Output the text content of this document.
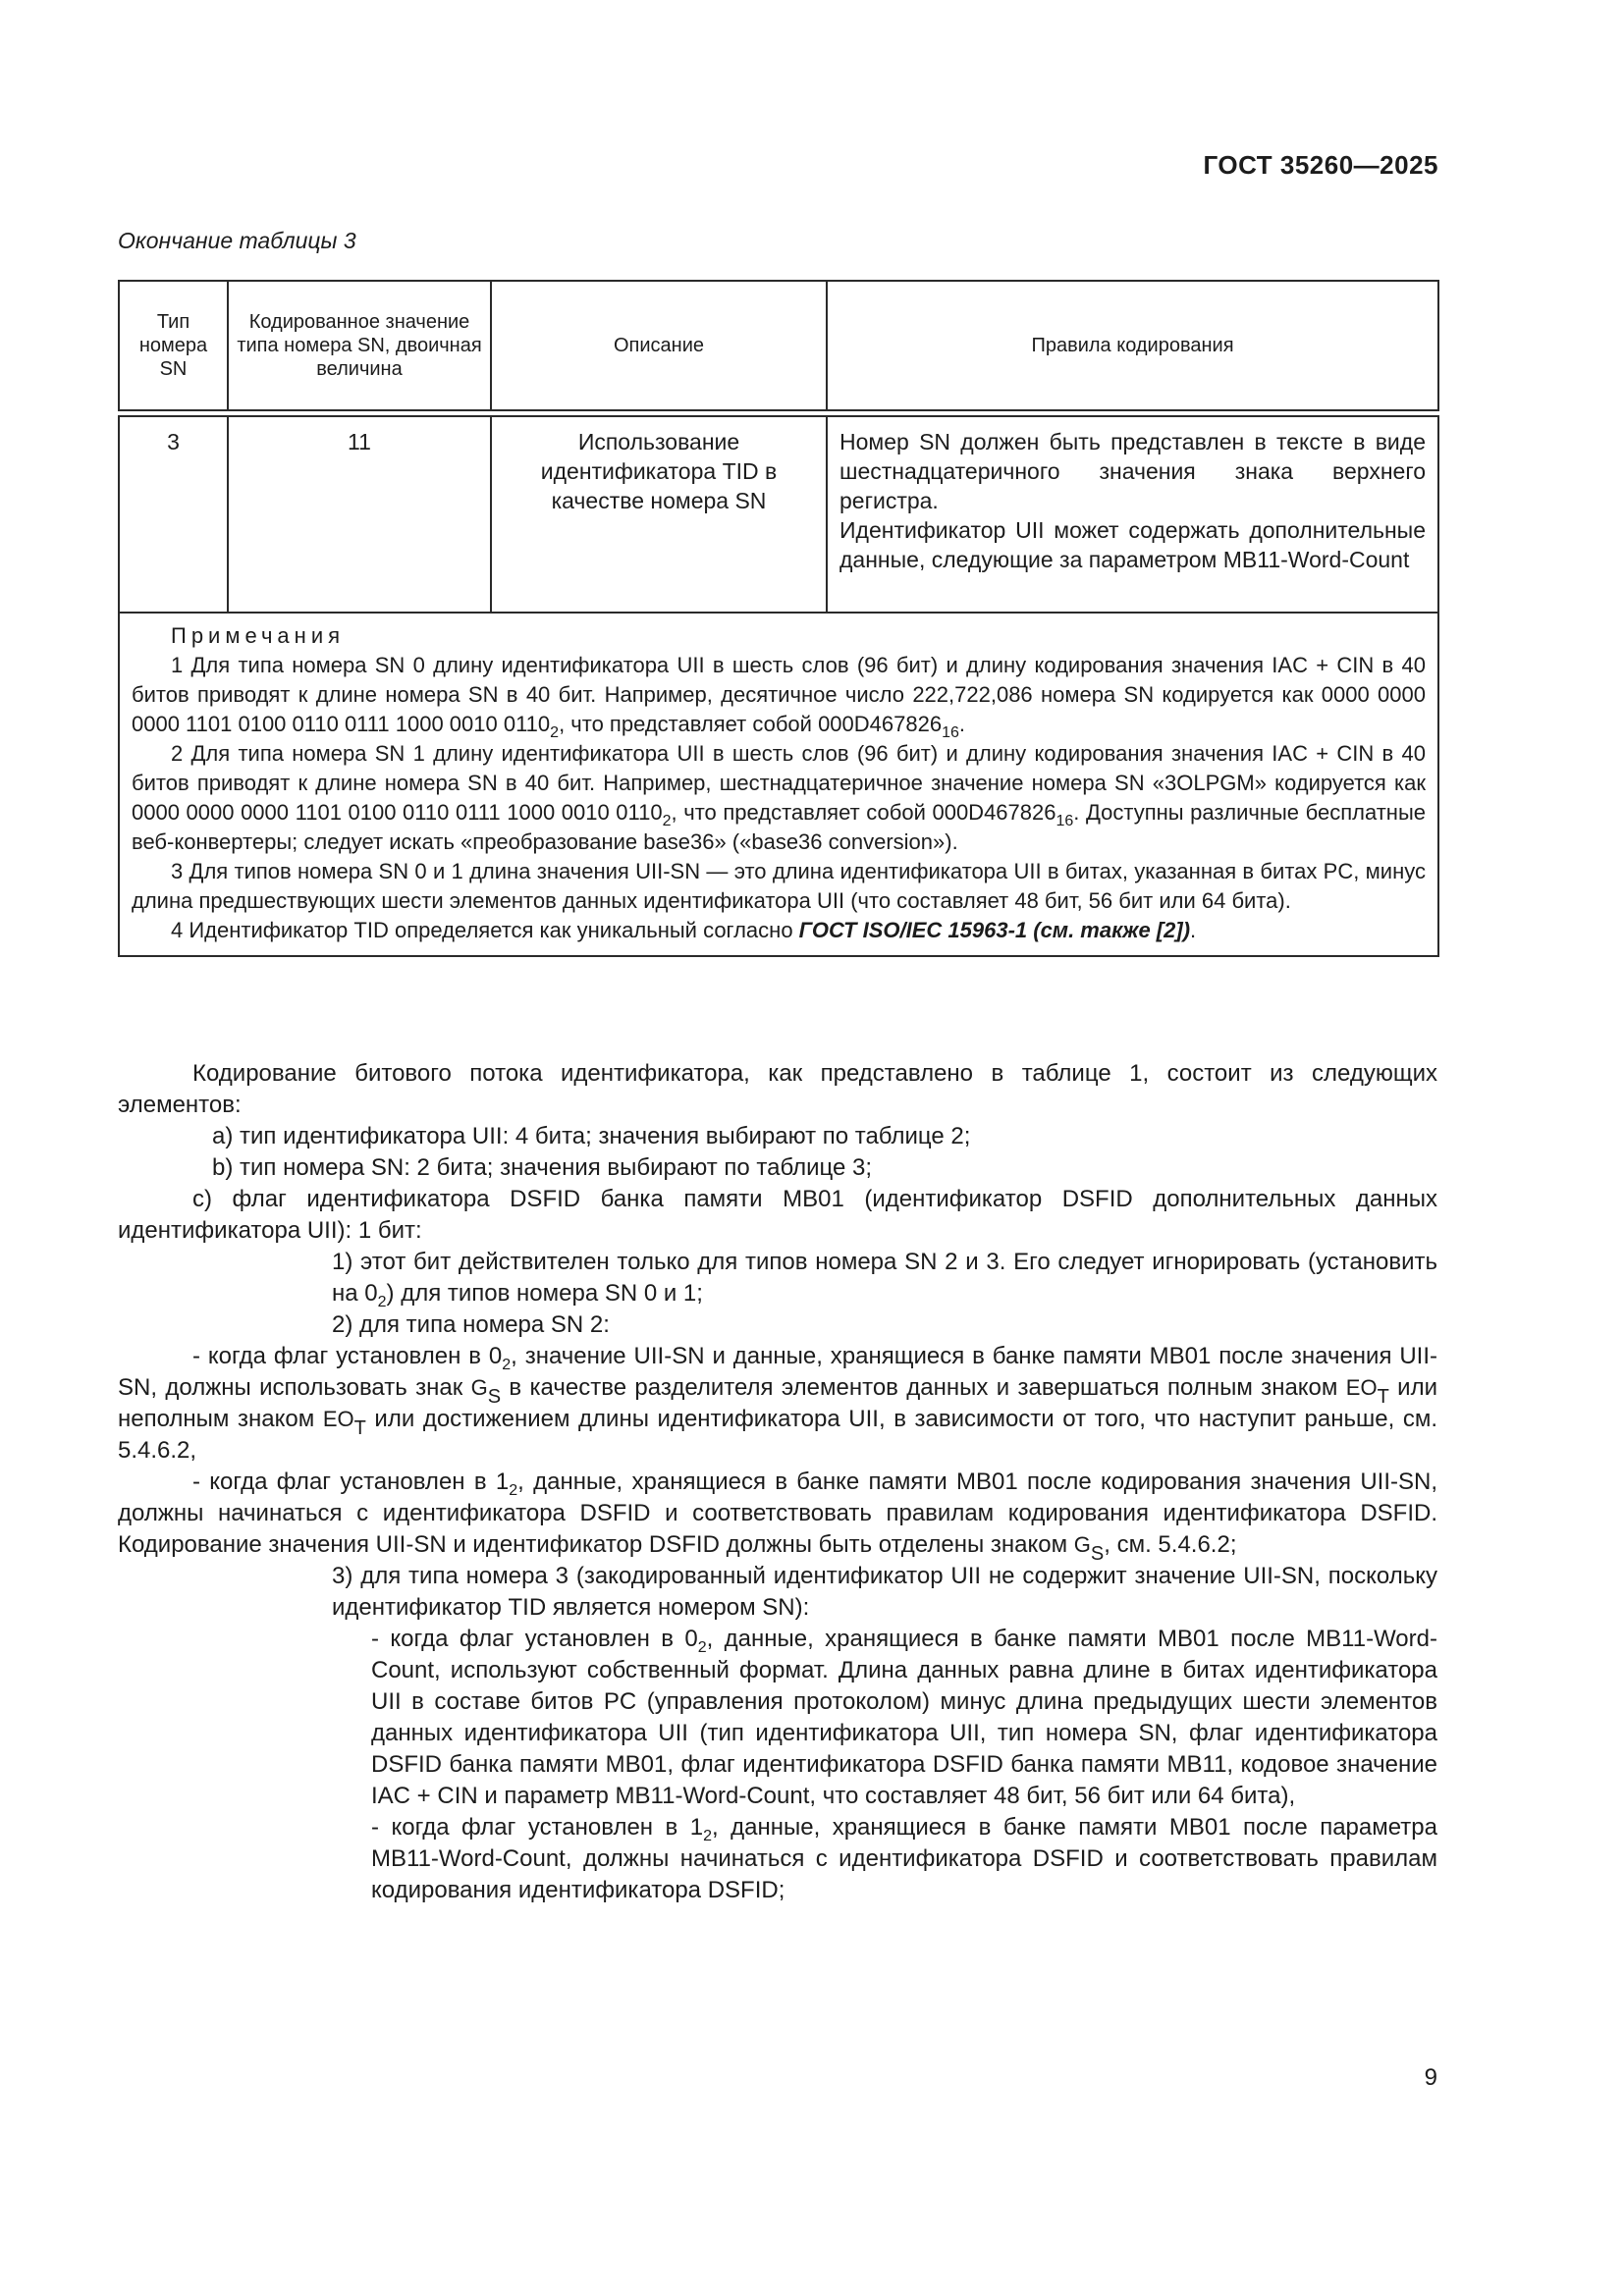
ГОСТ 35260—2025
Окончание таблицы 3
Тип номера SN	Кодированное значение типа номера SN, двоичная величина	Описание	Правила кодирования

3	11	Использование идентификатора TID в качестве номера SN	Номер SN должен быть представлен в тексте в виде шестнадцатеричного значения знака верхнего регистра.
Идентификатор UII может содержать дополнительные данные, следующие за параметром MB11-Word-Count

Примечания
1 Для типа номера SN 0 длину идентификатора UII в шесть слов (96 бит) и длину кодирования значения IAC + CIN в 40 битов приводят к длине номера SN в 40 бит. Например, десятичное число 222,722,086 номера SN кодируется как 0000 0000 0000 1101 0100 0110 0111 1000 0010 $0110_2$, что представляет собой $000D467826_{16}$.
2 Для типа номера SN 1 длину идентификатора UII в шесть слов (96 бит) и длину кодирования значения IAC + CIN в 40 битов приводят к длине номера SN в 40 бит. Например, шестнадцатеричное значение номера SN «3OLPGM» кодируется как 0000 0000 0000 1101 0100 0110 0111 1000 0010 $0110_2$, что представляет собой $000D467826_{16}$. Доступны различные бесплатные веб-конвертеры; следует искать «преобразование base36» («base36 conversion»).
3 Для типов номера SN 0 и 1 длина значения UII-SN — это длина идентификатора UII в битах, указанная в битах PC, минус длина предшествующих шести элементов данных идентификатора UII (что составляет 48 бит, 56 бит или 64 бита).
4 Идентификатор TID определяется как уникальный согласно ГОСТ ISO/IEC 15963-1 (см. также [2]).			
Кодирование битового потока идентификатора, как представлено в таблице 1, состоит из следующих элементов:
a) тип идентификатора UII: 4 бита; значения выбирают по таблице 2;
b) тип номера SN: 2 бита; значения выбирают по таблице 3;
c) флаг идентификатора DSFID банка памяти MB01 (идентификатор DSFID дополнительных данных идентификатора UII): 1 бит:
1) этот бит действителен только для типов номера SN 2 и 3. Его следует игнорировать (установить на $0_2$) для типов номера SN 0 и 1;
2) для типа номера SN 2:
- когда флаг установлен в $0_2$, значение UII-SN и данные, хранящиеся в банке памяти MB01 после значения UII-SN, должны использовать знак $G_S$ в качестве разделителя элементов данных и завершаться полным знаком $EO_T$ или неполным знаком $EO_T$ или достижением длины идентификатора UII, в зависимости от того, что наступит раньше, см. 5.4.6.2,
- когда флаг установлен в $1_2$, данные, хранящиеся в банке памяти MB01 после кодирования значения UII-SN, должны начинаться с идентификатора DSFID и соответствовать правилам кодирования идентификатора DSFID. Кодирование значения UII-SN и идентификатор DSFID должны быть отделены знаком $G_S$, см. 5.4.6.2;
3) для типа номера 3 (закодированный идентификатор UII не содержит значение UII-SN, поскольку идентификатор TID является номером SN):
- когда флаг установлен в $0_2$, данные, хранящиеся в банке памяти MB01 после MB11-Word-Count, используют собственный формат. Длина данных равна длине в битах идентификатора UII в составе битов PC (управления протоколом) минус длина предыдущих шести элементов данных идентификатора UII (тип идентификатора UII, тип номера SN, флаг идентификатора DSFID банка памяти MB01, флаг идентификатора DSFID банка памяти MB11, кодовое значение IAC + CIN и параметр MB11-Word-Count, что составляет 48 бит, 56 бит или 64 бита),
- когда флаг установлен в $1_2$, данные, хранящиеся в банке памяти MB01 после параметра MB11-Word-Count, должны начинаться с идентификатора DSFID и соответствовать правилам кодирования идентификатора DSFID;
9
